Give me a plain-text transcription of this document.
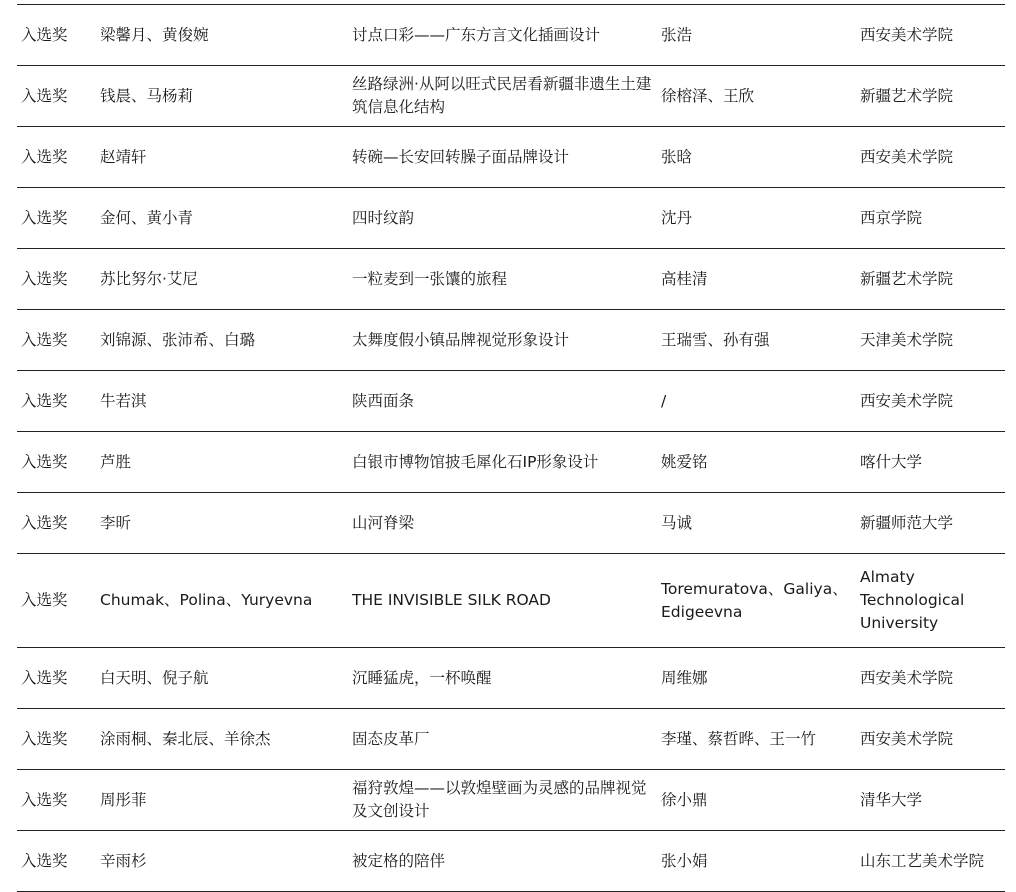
入选奖	梁馨月、黄俊婉	讨点口彩——广东方言文化插画设计	张浩	西安美术学院
入选奖	钱晨、马杨莉	丝路绿洲·从阿以旺式民居看新疆非遗生土建筑信息化结构	徐榕泽、王欣	新疆艺术学院
入选奖	赵靖轩	转碗—长安回转臊子面品牌设计	张晗	西安美术学院
入选奖	金何、黄小青	四时纹韵	沈丹	西京学院
入选奖	苏比努尔·艾尼	一粒麦到一张馕的旅程	高桂清	新疆艺术学院
入选奖	刘锦源、张沛希、白璐	太舞度假小镇品牌视觉形象设计	王瑞雪、孙有强	天津美术学院
入选奖	牛若淇	陕西面条	/	西安美术学院
入选奖	芦胜	白银市博物馆披毛犀化石IP形象设计	姚爱铭	喀什大学
入选奖	李昕	山河脊梁	马诚	新疆师范大学
入选奖	Chumak、Polina、Yuryevna	THE INVISIBLE SILK ROAD	Toremuratova、Galiya、Edigeevna	Almaty Technological University
入选奖	白天明、倪子航	沉睡猛虎，一杯唤醒	周维娜	西安美术学院
入选奖	涂雨桐、秦北辰、羊徐杰	固态皮革厂	李瑾、蔡哲晔、王一竹	西安美术学院
入选奖	周彤菲	福狩敦煌——以敦煌壁画为灵感的品牌视觉及文创设计	徐小鼎	清华大学
入选奖	辛雨杉	被定格的陪伴	张小娟	山东工艺美术学院
